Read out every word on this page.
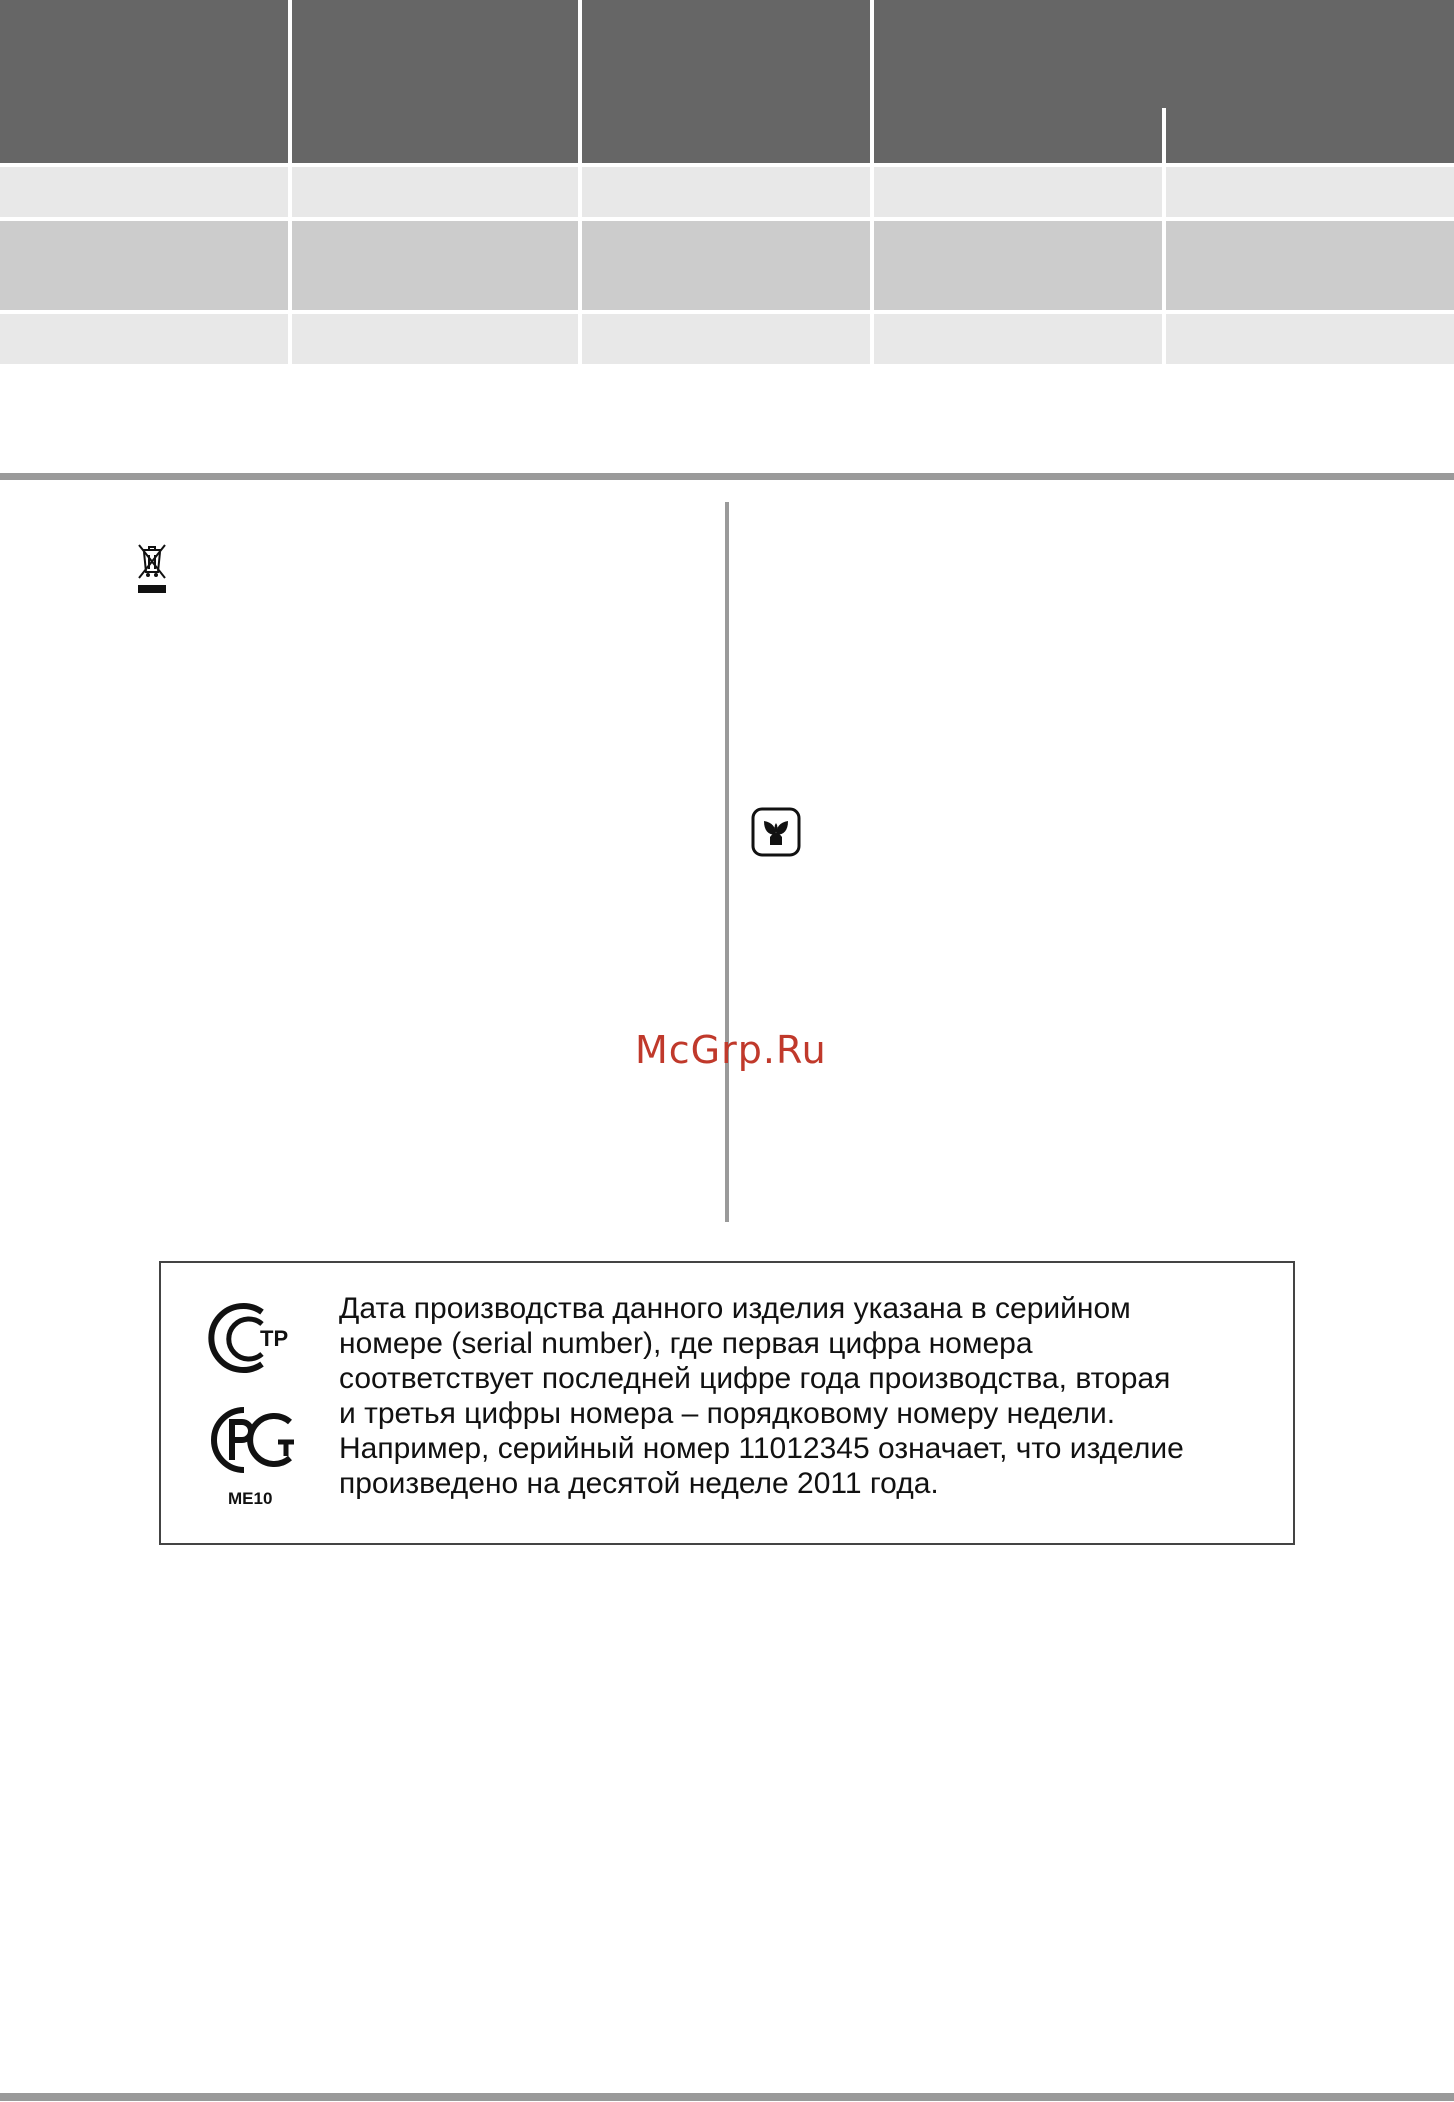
McGrp.Ru
TP
ME10
Дата производства данного изделия указана в серийном
номере (serial number), где первая цифра номера
соответствует последней цифре года производства, вторая
и третья цифры номера – порядковому номеру недели.
Например, серийный номер 11012345 означает, что изделие
произведено на десятой неделе 2011 года.
